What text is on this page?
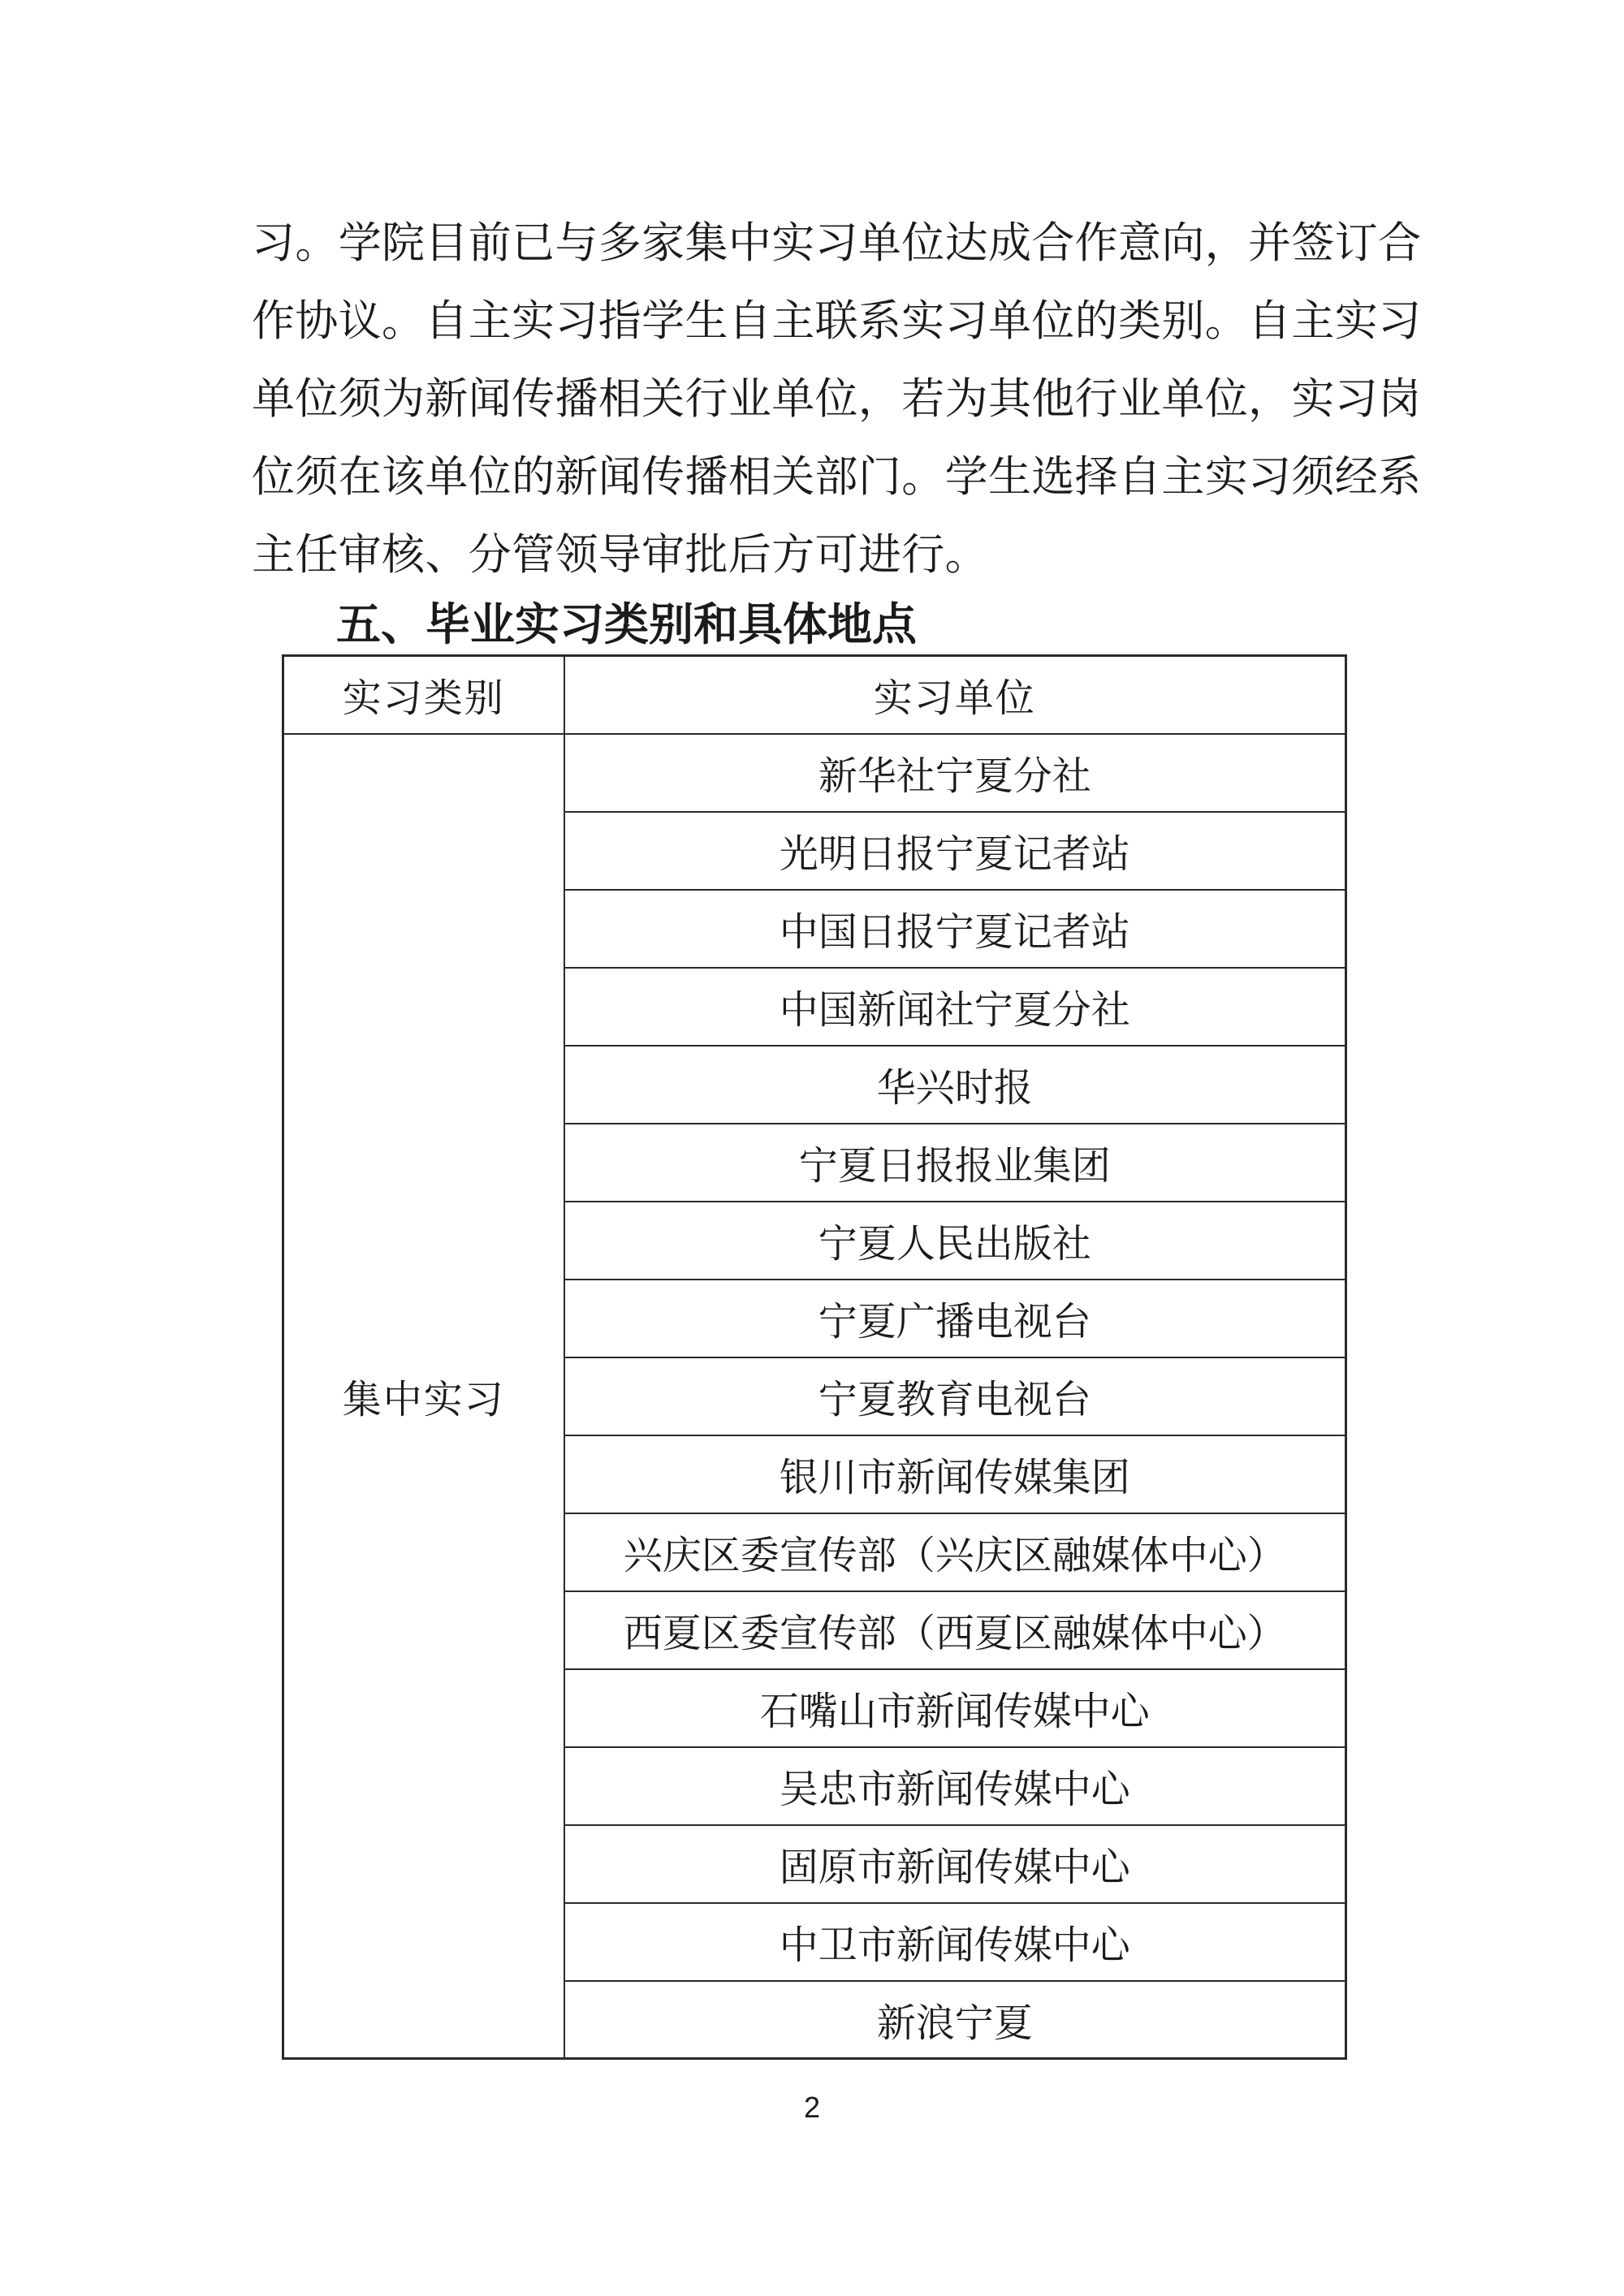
习。学院目前已与多家集中实习单位达成合作意向，并签订合
作协议。自主实习指学生自主联系实习单位的类别。自主实习
单位须为新闻传播相关行业单位，若为其他行业单位，实习岗
位须在该单位的新闻传播相关部门。学生选择自主实习须经系
主任审核、分管领导审批后方可进行。
五、毕业实习类别和具体地点
实习类别	实习单位
集中实习	新华社宁夏分社
	光明日报宁夏记者站
	中国日报宁夏记者站
	中国新闻社宁夏分社
	华兴时报
	宁夏日报报业集团
	宁夏人民出版社
	宁夏广播电视台
	宁夏教育电视台
	银川市新闻传媒集团
	兴庆区委宣传部（兴庆区融媒体中心）
	西夏区委宣传部（西夏区融媒体中心）
	石嘴山市新闻传媒中心
	吴忠市新闻传媒中心
	固原市新闻传媒中心
	中卫市新闻传媒中心
	新浪宁夏
2
